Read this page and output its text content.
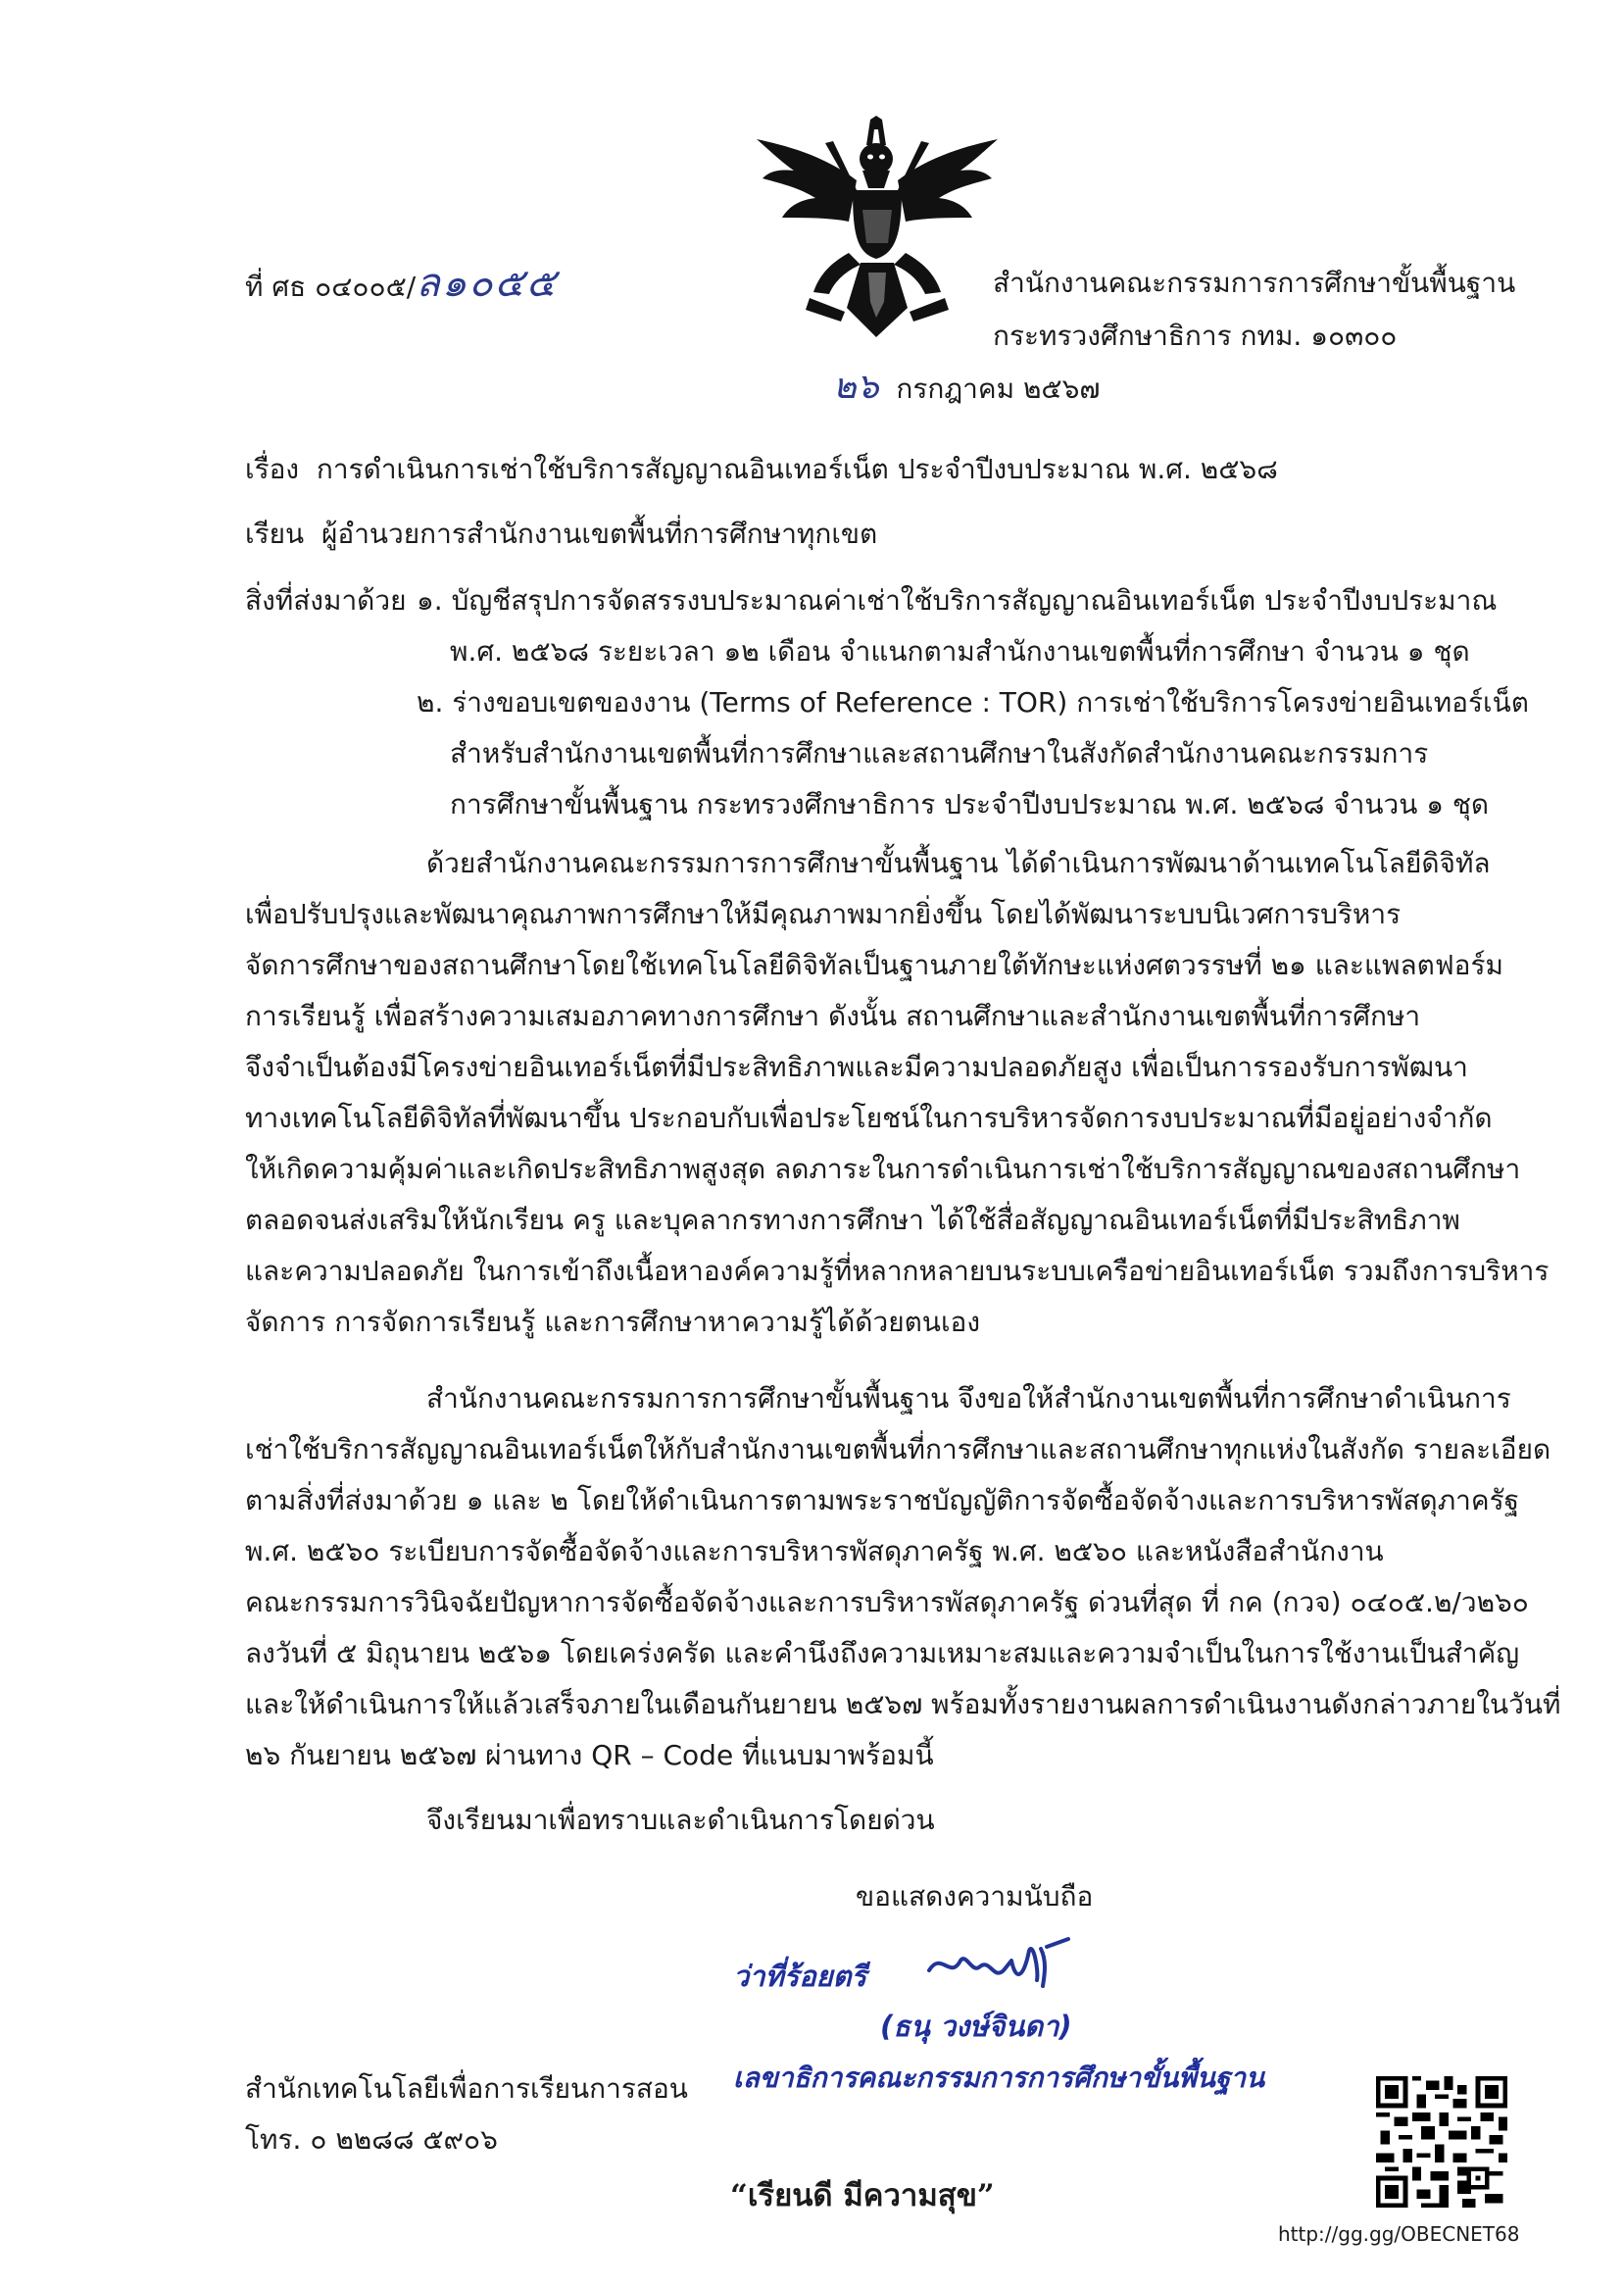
ที่ ศธ ๐๔๐๐๕/ล๑๐๕๕	สำนักงานคณะกรรมการการศึกษาขั้นพื้นฐาน
กระทรวงศึกษาธิการ กทม. ๑๐๓๐๐
๒๖ กรกฎาคม ๒๕๖๗
เรื่อง การดำเนินการเช่าใช้บริการสัญญาณอินเทอร์เน็ต ประจำปีงบประมาณ พ.ศ. ๒๕๖๘
เรียน ผู้อำนวยการสำนักงานเขตพื้นที่การศึกษาทุกเขต
สิ่งที่ส่งมาด้วย ๑. บัญชีสรุปการจัดสรรงบประมาณค่าเช่าใช้บริการสัญญาณอินเทอร์เน็ต ประจำปีงบประมาณ
พ.ศ. ๒๕๖๘ ระยะเวลา ๑๒ เดือน จำแนกตามสำนักงานเขตพื้นที่การศึกษา จำนวน ๑ ชุด
๒. ร่างขอบเขตของงาน (Terms of Reference : TOR) การเช่าใช้บริการโครงข่ายอินเทอร์เน็ต
สำหรับสำนักงานเขตพื้นที่การศึกษาและสถานศึกษาในสังกัดสำนักงานคณะกรรมการ
การศึกษาขั้นพื้นฐาน กระทรวงศึกษาธิการ ประจำปีงบประมาณ พ.ศ. ๒๕๖๘ จำนวน ๑ ชุด
ด้วยสำนักงานคณะกรรมการการศึกษาขั้นพื้นฐาน ได้ดำเนินการพัฒนาด้านเทคโนโลยีดิจิทัล
เพื่อปรับปรุงและพัฒนาคุณภาพการศึกษาให้มีคุณภาพมากยิ่งขึ้น โดยได้พัฒนาระบบนิเวศการบริหาร
จัดการศึกษาของสถานศึกษาโดยใช้เทคโนโลยีดิจิทัลเป็นฐานภายใต้ทักษะแห่งศตวรรษที่ ๒๑ และแพลตฟอร์ม
การเรียนรู้ เพื่อสร้างความเสมอภาคทางการศึกษา ดังนั้น สถานศึกษาและสำนักงานเขตพื้นที่การศึกษา
จึงจำเป็นต้องมีโครงข่ายอินเทอร์เน็ตที่มีประสิทธิภาพและมีความปลอดภัยสูง เพื่อเป็นการรองรับการพัฒนา
ทางเทคโนโลยีดิจิทัลที่พัฒนาขึ้น ประกอบกับเพื่อประโยชน์ในการบริหารจัดการงบประมาณที่มีอยู่อย่างจำกัด
ให้เกิดความคุ้มค่าและเกิดประสิทธิภาพสูงสุด ลดภาระในการดำเนินการเช่าใช้บริการสัญญาณของสถานศึกษา
ตลอดจนส่งเสริมให้นักเรียน ครู และบุคลากรทางการศึกษา ได้ใช้สื่อสัญญาณอินเทอร์เน็ตที่มีประสิทธิภาพ
และความปลอดภัย ในการเข้าถึงเนื้อหาองค์ความรู้ที่หลากหลายบนระบบเครือข่ายอินเทอร์เน็ต รวมถึงการบริหาร
จัดการ การจัดการเรียนรู้ และการศึกษาหาความรู้ได้ด้วยตนเอง
สำนักงานคณะกรรมการการศึกษาขั้นพื้นฐาน จึงขอให้สำนักงานเขตพื้นที่การศึกษาดำเนินการ
เช่าใช้บริการสัญญาณอินเทอร์เน็ตให้กับสำนักงานเขตพื้นที่การศึกษาและสถานศึกษาทุกแห่งในสังกัด รายละเอียด
ตามสิ่งที่ส่งมาด้วย ๑ และ ๒ โดยให้ดำเนินการตามพระราชบัญญัติการจัดซื้อจัดจ้างและการบริหารพัสดุภาครัฐ
พ.ศ. ๒๕๖๐ ระเบียบการจัดซื้อจัดจ้างและการบริหารพัสดุภาครัฐ พ.ศ. ๒๕๖๐ และหนังสือสำนักงาน
คณะกรรมการวินิจฉัยปัญหาการจัดซื้อจัดจ้างและการบริหารพัสดุภาครัฐ ด่วนที่สุด ที่ กค (กวจ) ๐๔๐๕.๒/ว๒๖๐
ลงวันที่ ๕ มิถุนายน ๒๕๖๑ โดยเคร่งครัด และคำนึงถึงความเหมาะสมและความจำเป็นในการใช้งานเป็นสำคัญ
และให้ดำเนินการให้แล้วเสร็จภายในเดือนกันยายน ๒๕๖๗ พร้อมทั้งรายงานผลการดำเนินงานดังกล่าวภายในวันที่
๒๖ กันยายน ๒๕๖๗ ผ่านทาง QR – Code ที่แนบมาพร้อมนี้
จึงเรียนมาเพื่อทราบและดำเนินการโดยด่วน
ขอแสดงความนับถือ
ว่าที่ร้อยตรี
(ธนุ วงษ์จินดา)
เลขาธิการคณะกรรมการการศึกษาขั้นพื้นฐาน
สำนักเทคโนโลยีเพื่อการเรียนการสอน
โทร. ๐ ๒๒๘๘ ๕๙๐๖
“เรียนดี มีความสุข”
http://gg.gg/OBECNET68
